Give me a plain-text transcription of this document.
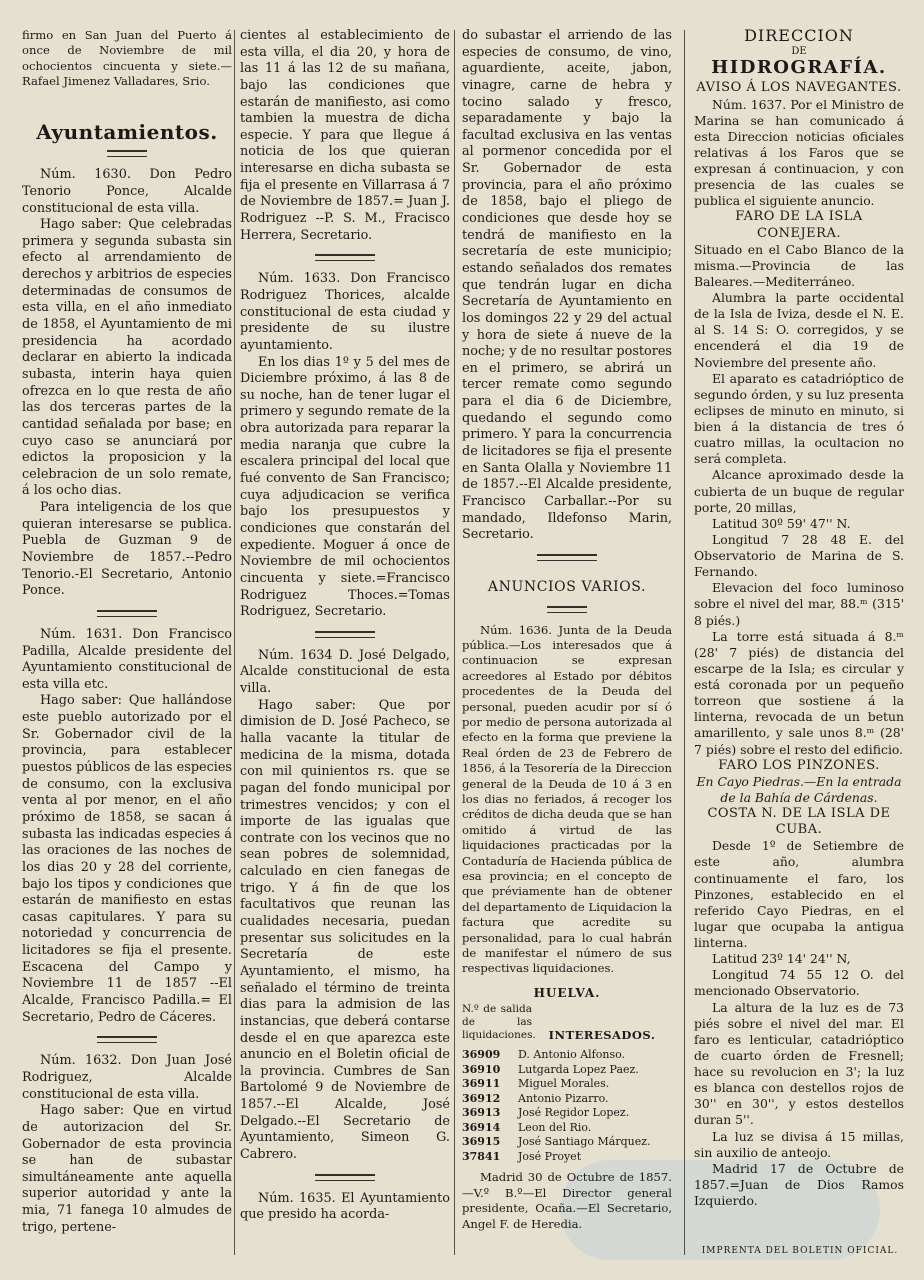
firmo en San Juan del Puerto á once de Noviembre de mil ochocientos cincuenta y siete.—Rafael Jimenez Valladares, Srio.

Ayuntamientos.

Núm. 1630. Don Pedro Tenorio Ponce, Alcalde constitucional de esta villa.

Hago saber: Que celebradas primera y segunda subasta sin efecto al arrendamiento de derechos y arbitrios de especies determinadas de consumos de esta villa, en el año inmediato de 1858, el Ayuntamiento de mi presidencia ha acordado declarar en abierto la indicada subasta, interin haya quien ofrezca en lo que resta de año las dos terceras partes de la cantidad señalada por base; en cuyo caso se anunciará por edictos la proposicion y la celebracion de un solo remate, á los ocho dias.

Para inteligencia de los que quieran interesarse se publica. Puebla de Guzman 9 de Noviembre de 1857.--Pedro Tenorio.-El Secretario, Antonio Ponce.

Núm. 1631. Don Francisco Padilla, Alcalde presidente del Ayuntamiento constitucional de esta villa etc.

Hago saber: Que hallándose este pueblo autorizado por el Sr. Gobernador civil de la provincia, para establecer puestos públicos de las especies de consumo, con la exclusiva venta al por menor, en el año próximo de 1858, se sacan á subasta las indicadas especies á las oraciones de las noches de los dias 20 y 28 del corriente, bajo los tipos y condiciones que estarán de manifiesto en estas casas capitulares. Y para su notoriedad y concurrencia de licitadores se fija el presente. Escacena del Campo y Noviembre 11 de 1857 --El Alcalde, Francisco Padilla.= El Secretario, Pedro de Cáceres.

Núm. 1632. Don Juan José Rodriguez, Alcalde constitucional de esta villa.

Hago saber: Que en virtud de autorizacion del Sr. Gobernador de esta provincia se han de subastar simultáneamente ante aquella superior autoridad y ante la mia, 71 fanega 10 almudes de trigo, pertene-

cientes al establecimiento de esta villa, el dia 20, y hora de las 11 á las 12 de su mañana, bajo las condiciones que estarán de manifiesto, asi como tambien la muestra de dicha especie. Y para que llegue á noticia de los que quieran interesarse en dicha subasta se fija el presente en Villarrasa á 7 de Noviembre de 1857.= Juan J. Rodriguez --P. S. M., Fracisco Herrera, Secretario.

Núm. 1633. Don Francisco Rodriguez Thorices, alcalde constitucional de esta ciudad y presidente de su ilustre ayuntamiento.

En los dias 1º y 5 del mes de Diciembre próximo, á las 8 de su noche, han de tener lugar el primero y segundo remate de la obra autorizada para reparar la media naranja que cubre la escalera principal del local que fué convento de San Francisco; cuya adjudicacion se verifica bajo los presupuestos y condiciones que constarán del expediente. Moguer á once de Noviembre de mil ochocientos cincuenta y siete.=Francisco Rodriguez Thoces.=Tomas Rodriguez, Secretario.

Núm. 1634 D. José Delgado, Alcalde constitucional de esta villa.

Hago saber: Que por dimision de D. José Pacheco, se halla vacante la titular de medicina de la misma, dotada con mil quinientos rs. que se pagan del fondo municipal por trimestres vencidos; y con el importe de las igualas que contrate con los vecinos que no sean pobres de solemnidad, calculado en cien fanegas de trigo. Y á fin de que los facultativos que reunan las cualidades necesaria, puedan presentar sus solicitudes en la Secretaría de este Ayuntamiento, el mismo, ha señalado el término de treinta dias para la admision de las instancias, que deberá contarse desde el en que aparezca este anuncio en el Boletin oficial de la provincia. Cumbres de San Bartolomé 9 de Noviembre de 1857.--El Alcalde, José Delgado.--El Secretario de Ayuntamiento, Simeon G. Cabrero.

Núm. 1635. El Ayuntamiento que presido ha acorda-

do subastar el arriendo de las especies de consumo, de vino, aguardiente, aceite, jabon, vinagre, carne de hebra y tocino salado y fresco, separadamente y bajo la facultad exclusiva en las ventas al pormenor concedida por el Sr. Gobernador de esta provincia, para el año próximo de 1858, bajo el pliego de condiciones que desde hoy se tendrá de manifiesto en la secretaría de este municipio; estando señalados dos remates que tendrán lugar en dicha Secretaría de Ayuntamiento en los domingos 22 y 29 del actual y hora de siete á nueve de la noche; y de no resultar postores en el primero, se abrirá un tercer remate como segundo para el dia 6 de Diciembre, quedando el segundo como primero. Y para la concurrencia de licitadores se fija el presente en Santa Olalla y Noviembre 11 de 1857.--El Alcalde presidente, Francisco Carballar.--Por su mandado, Ildefonso Marin, Secretario.

ANUNCIOS VARIOS.

Núm. 1636. Junta de la Deuda pública.—Los interesados que á continuacion se expresan acreedores al Estado por débitos procedentes de la Deuda del personal, pueden acudir por sí ó por medio de persona autorizada al efecto en la forma que previene la Real órden de 23 de Febrero de 1856, á la Tesorería de la Direccion general de la Deuda de 10 á 3 en los dias no feriados, á recoger los créditos de dicha deuda que se han omitido á virtud de las liquidaciones practicadas por la Contaduría de Hacienda pública de esa provincia; en el concepto de que préviamente han de obtener del departamento de Liquidacion la factura que acredite su personalidad, para lo cual habrán de manifestar el número de sus respectivas liquidaciones.

HUELVA.
N.º de salida de las liquidaciones.	INTERESADOS.
36909	D. Antonio Alfonso.
36910	Lutgarda Lopez Paez.
36911	Miguel Morales.
36912	Antonio Pizarro.
36913	José Regidor Lopez.
36914	Leon del Rio.
36915	José Santiago Márquez.
37841	José Proyet

Madrid 30 de Octubre de 1857. —V.º B.º—El Director general presidente, Ocaña.—El Secretario, Angel F. de Heredia.

DIRECCION
DE
HIDROGRAFÍA.
AVISO Á LOS NAVEGANTES.

Núm. 1637. Por el Ministro de Marina se han comunicado á esta Direccion noticias oficiales relativas á los Faros que se expresan á continuacion, y con presencia de las cuales se publica el siguiente anuncio.

FARO DE LA ISLA CONEJERA.

Situado en el Cabo Blanco de la misma.—Provincia de las Baleares.—Mediterráneo.

Alumbra la parte occidental de la Isla de Iviza, desde el N. E. al S. 14 S: O. corregidos, y se encenderá el dia 19 de Noviembre del presente año.

El aparato es catadrióptico de segundo órden, y su luz presenta eclipses de minuto en minuto, si bien á la distancia de tres ó cuatro millas, la ocultacion no será completa.

Alcance aproximado desde la cubierta de un buque de regular porte, 20 millas,

Latitud 30º 59' 47'' N.

Longitud 7 28 48 E. del Observatorio de Marina de S. Fernando.

Elevacion del foco luminoso sobre el nivel del mar, 88.ᵐ (315' 8 piés.)

La torre está situada á 8.ᵐ (28' 7 piés) de distancia del escarpe de la Isla; es circular y está coronada por un pequeño torreon que sostiene á la linterna, revocada de un betun amarillento, y sale unos 8.ᵐ (28' 7 piés) sobre el resto del edificio.

FARO LOS PINZONES.

En Cayo Piedras.—En la entrada de la Bahía de Cárdenas.

COSTA N. DE LA ISLA DE CUBA.

Desde 1º de Setiembre de este año, alumbra continuamente el faro, los Pinzones, establecido en el referido Cayo Piedras, en el lugar que ocupaba la antigua linterna.

Latitud 23º 14' 24'' N,

Longitud 74 55 12 O. del mencionado Observatorio.

La altura de la luz es de 73 piés sobre el nivel del mar. El faro es lenticular, catadrióptico de cuarto órden de Fresnell; hace su revolucion en 3'; la luz es blanca con destellos rojos de 30'' en 30'', y estos destellos duran 5''.

La luz se divisa á 15 millas, sin auxilio de anteojo.

Madrid 17 de Octubre de 1857.=Juan de Dios Ramos Izquierdo.

IMPRENTA DEL BOLETIN OFICIAL.
